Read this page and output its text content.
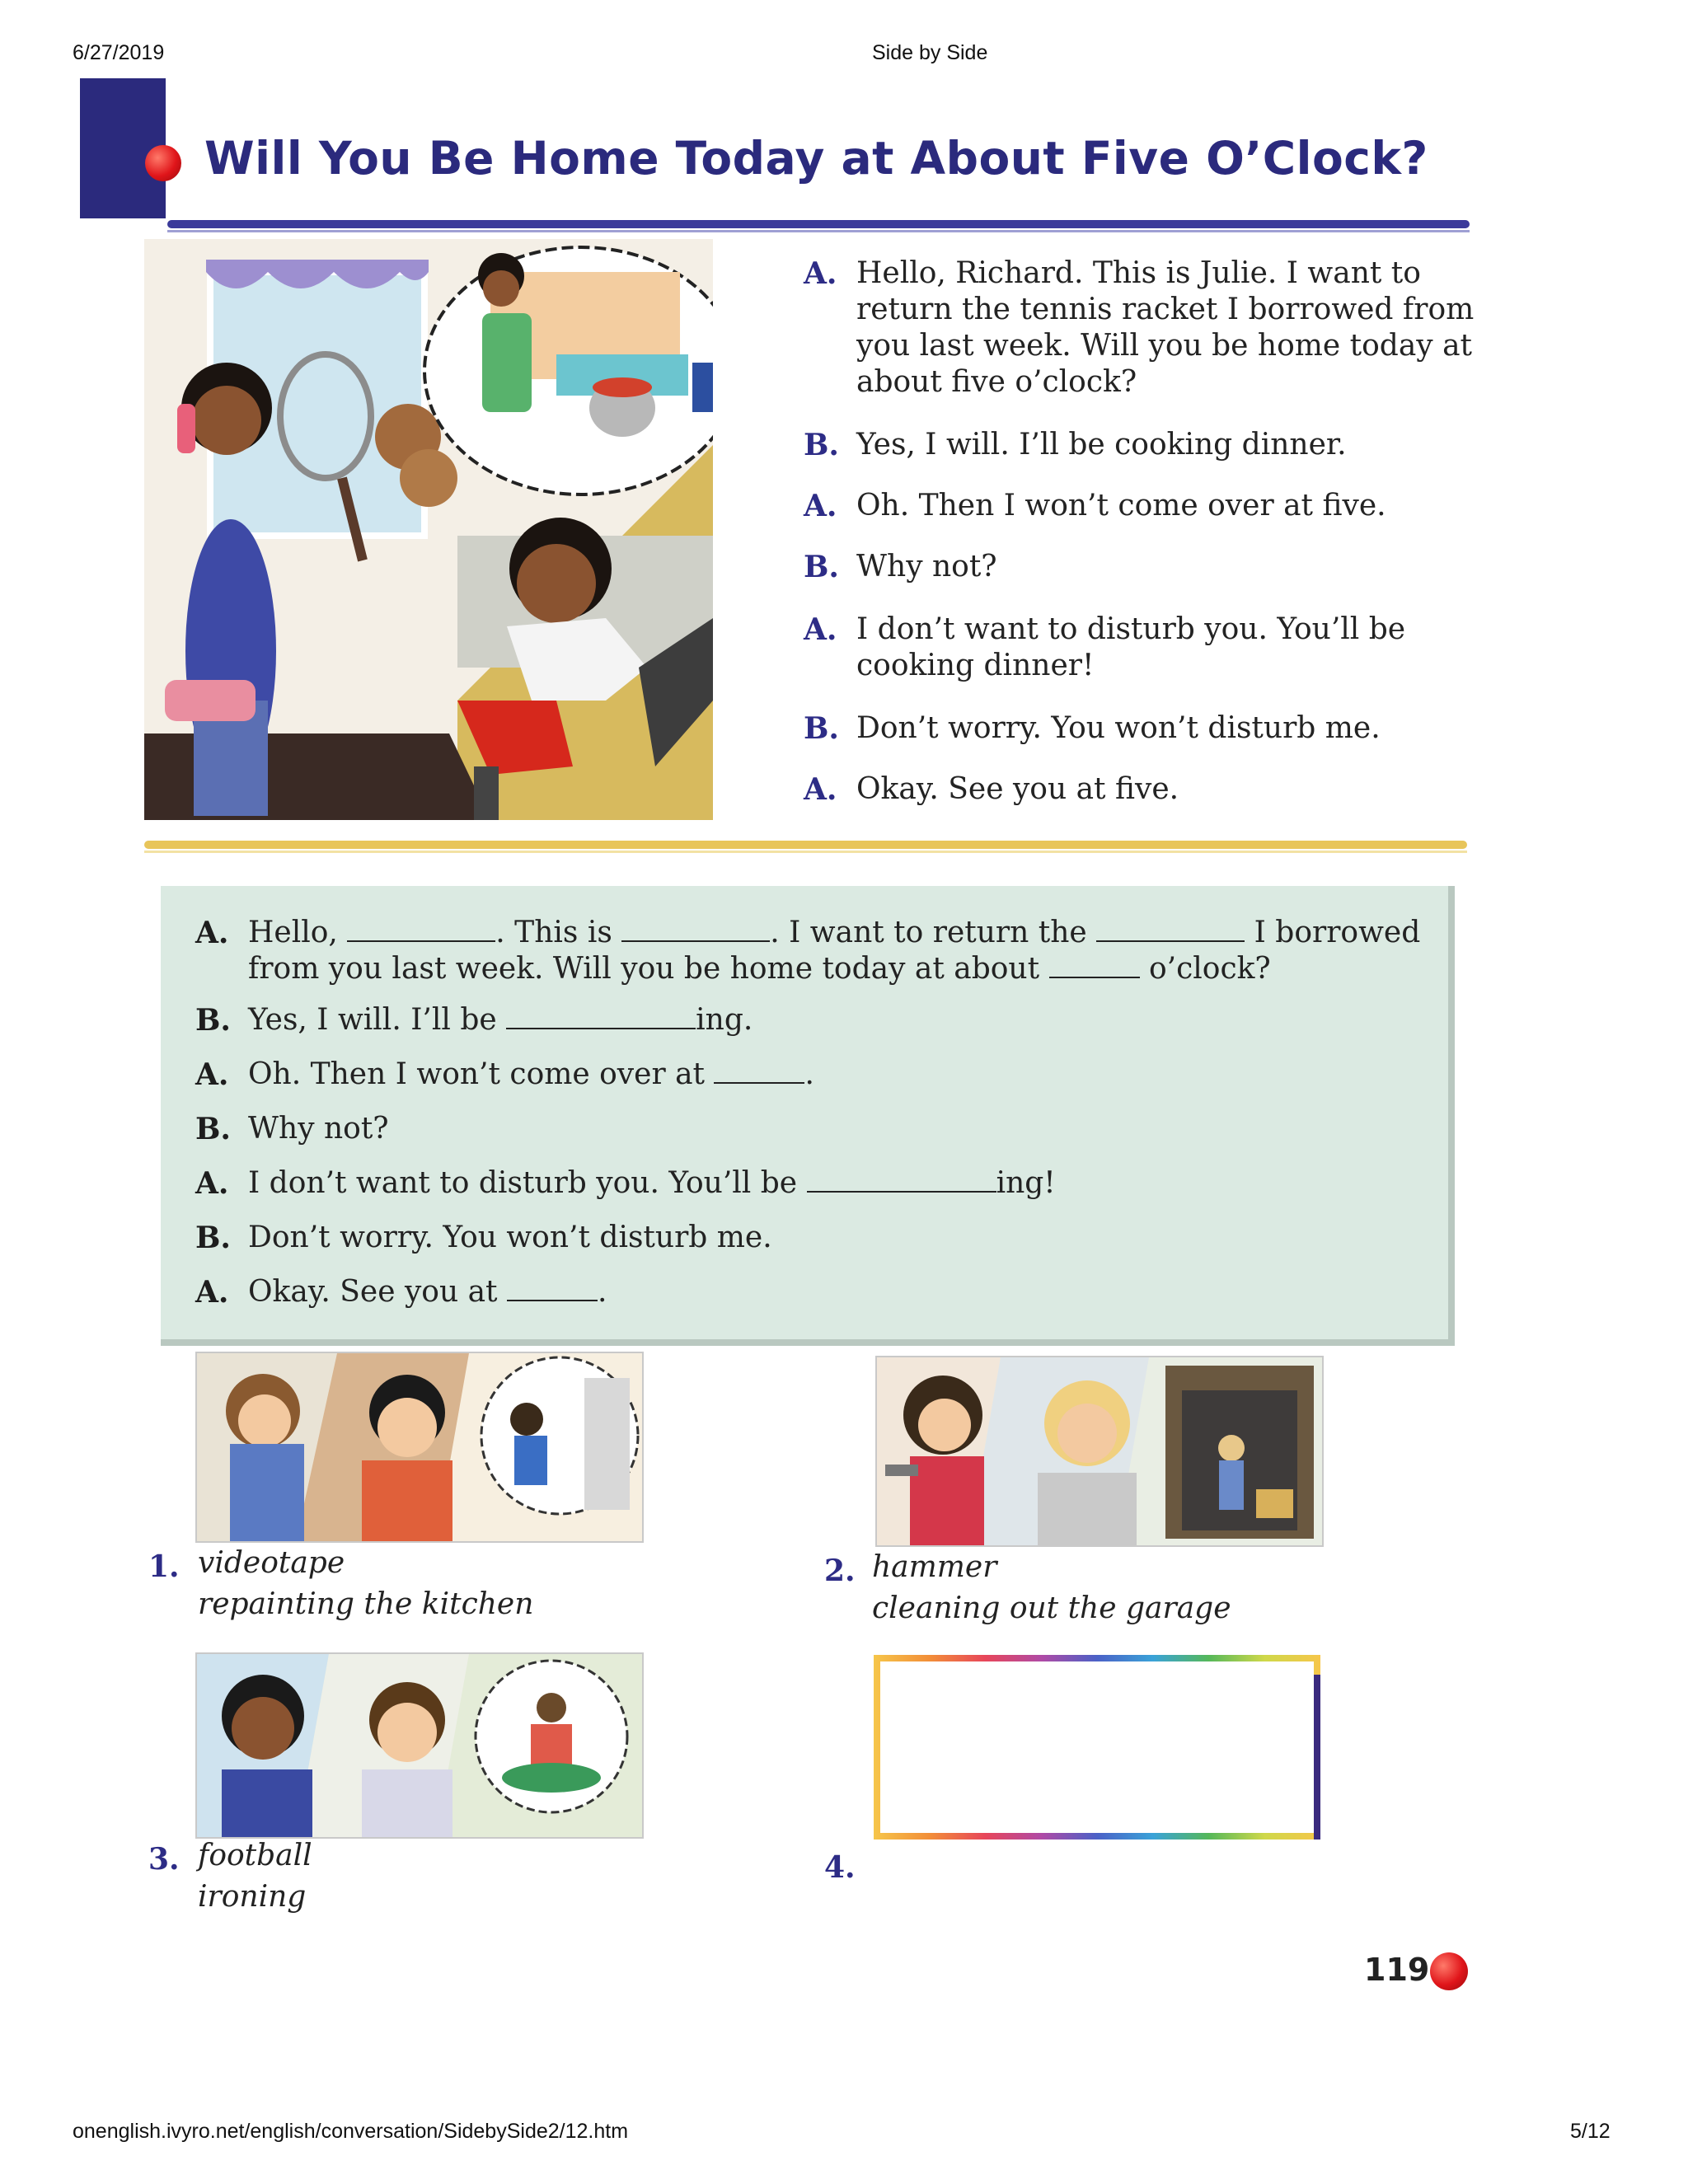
6/27/2019	Side by Side
onenglish.ivyro.net/english/conversation/SidebySide2/12.htm	5/12
Will You Be Home Today at About Five O’Clock?
A. Hello, Richard. This is Julie. I want to return the tennis racket I borrowed from you last week. Will you be home today at about five o’clock?
B. Yes, I will. I’ll be cooking dinner.
A. Oh. Then I won’t come over at five.
B. Why not?
A. I don’t want to disturb you. You’ll be cooking dinner!
B. Don’t worry. You won’t disturb me.
A. Okay. See you at five.
A. Hello,	. This is	. I want to return the	I borrowed
from you last week. Will you be home today at about	o’clock?
B. Yes, I will. I’ll be	ing.
A. Oh. Then I won’t come over at	.
B. Why not?
A. I don’t want to disturb you. You’ll be	ing!
B. Don’t worry. You won’t disturb me.
A. Okay. See you at	.
1. videotape
repainting the kitchen
2. hammer
cleaning out the garage
3. football
ironing
4.
119
